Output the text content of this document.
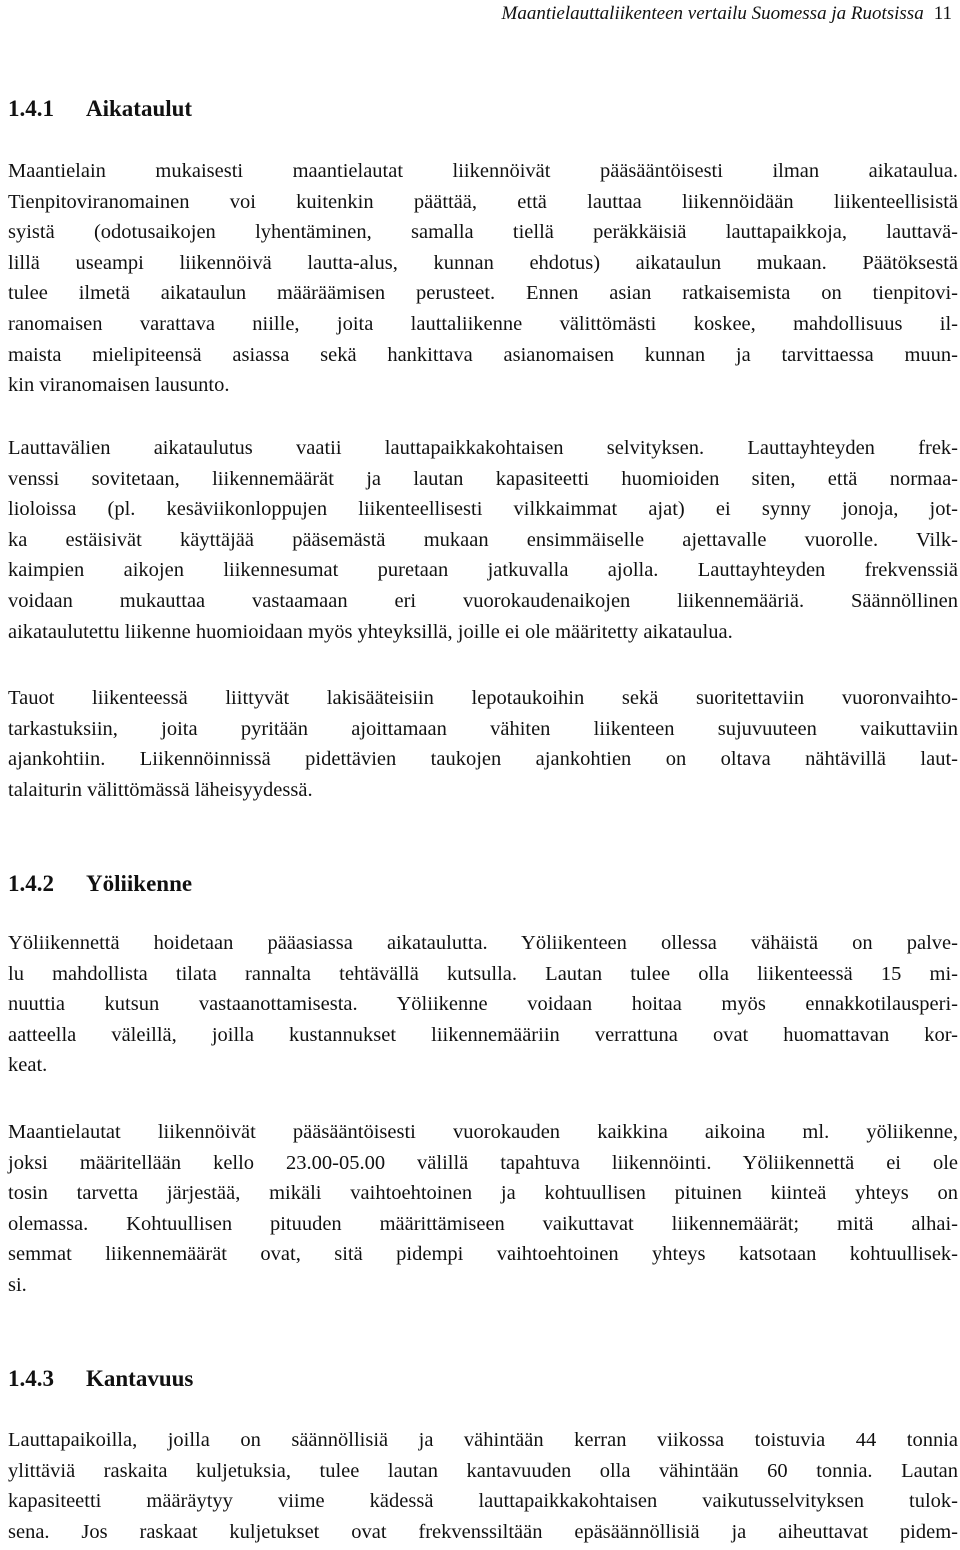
Maantielauttaliikenteen vertailu Suomessa ja Ruotsissa 11
1.4.1 Aikataulut
Maantielain mukaisesti maantielautat liikennöivät pääsääntöisesti ilman aikataulua.
Tienpitoviranomainen voi kuitenkin päättää, että lauttaa liikennöidään liikenteellisistä
syistä (odotusaikojen lyhentäminen, samalla tiellä peräkkäisiä lauttapaikkoja, lauttavä-
lillä useampi liikennöivä lautta-alus, kunnan ehdotus) aikataulun mukaan. Päätöksestä
tulee ilmetä aikataulun määräämisen perusteet. Ennen asian ratkaisemista on tienpitovi-
ranomaisen varattava niille, joita lauttaliikenne välittömästi koskee, mahdollisuus il-
maista mielipiteensä asiassa sekä hankittava asianomaisen kunnan ja tarvittaessa muun-
kin viranomaisen lausunto.
Lauttavälien aikataulutus vaatii lauttapaikkakohtaisen selvityksen. Lauttayhteyden frek-
venssi sovitetaan, liikennemäärät ja lautan kapasiteetti huomioiden siten, että normaa-
lioloissa (pl. kesäviikonloppujen liikenteellisesti vilkkaimmat ajat) ei synny jonoja, jot-
ka estäisivät käyttäjää pääsemästä mukaan ensimmäiselle ajettavalle vuorolle. Vilk-
kaimpien aikojen liikennesumat puretaan jatkuvalla ajolla. Lauttayhteyden frekvenssiä
voidaan mukauttaa vastaamaan eri vuorokaudenaikojen liikennemääriä. Säännöllinen
aikataulutettu liikenne huomioidaan myös yhteyksillä, joille ei ole määritetty aikataulua.
Tauot liikenteessä liittyvät lakisääteisiin lepotaukoihin sekä suoritettaviin vuoronvaihto-
tarkastuksiin, joita pyritään ajoittamaan vähiten liikenteen sujuvuuteen vaikuttaviin
ajankohtiin. Liikennöinnissä pidettävien taukojen ajankohtien on oltava nähtävillä laut-
talaiturin välittömässä läheisyydessä.
1.4.2 Yöliikenne
Yöliikennettä hoidetaan pääasiassa aikataulutta. Yöliikenteen ollessa vähäistä on palve-
lu mahdollista tilata rannalta tehtävällä kutsulla. Lautan tulee olla liikenteessä 15 mi-
nuuttia kutsun vastaanottamisesta. Yöliikenne voidaan hoitaa myös ennakkotilausperi-
aatteella väleillä, joilla kustannukset liikennemääriin verrattuna ovat huomattavan kor-
keat.
Maantielautat liikennöivät pääsääntöisesti vuorokauden kaikkina aikoina ml. yöliikenne,
joksi määritellään kello 23.00-05.00 välillä tapahtuva liikennöinti. Yöliikennettä ei ole
tosin tarvetta järjestää, mikäli vaihtoehtoinen ja kohtuullisen pituinen kiinteä yhteys on
olemassa. Kohtuullisen pituuden määrittämiseen vaikuttavat liikennemäärät; mitä alhai-
semmat liikennemäärät ovat, sitä pidempi vaihtoehtoinen yhteys katsotaan kohtuullisek-
si.
1.4.3 Kantavuus
Lauttapaikoilla, joilla on säännöllisiä ja vähintään kerran viikossa toistuvia 44 tonnia
ylittäviä raskaita kuljetuksia, tulee lautan kantavuuden olla vähintään 60 tonnia. Lautan
kapasiteetti määräytyy viime kädessä lauttapaikkakohtaisen vaikutusselvityksen tulok-
sena. Jos raskaat kuljetukset ovat frekvenssiltään epäsäännöllisiä ja aiheuttavat pidem-
